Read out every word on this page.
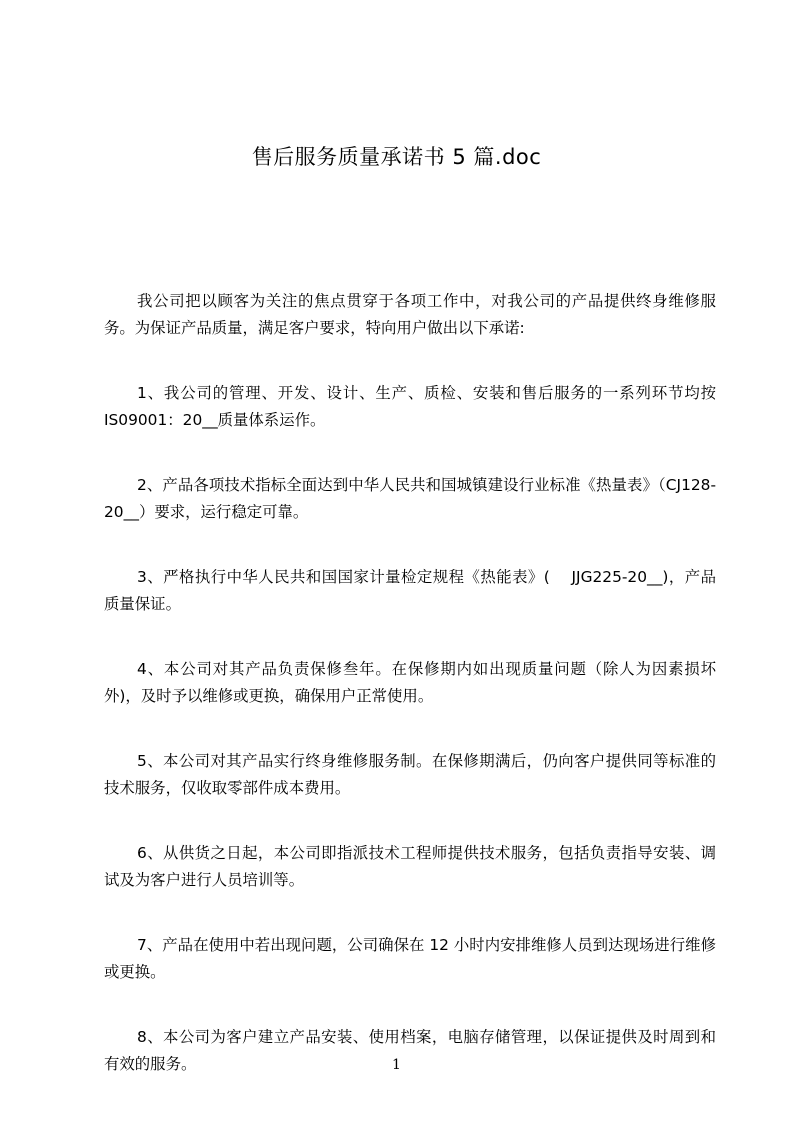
售后服务质量承诺书 5 篇.doc

我公司把以顾客为关注的焦点贯穿于各项工作中，对我公司的产品提供终身维修服务。为保证产品质量，满足客户要求，特向用户做出以下承诺:

1、我公司的管理、开发、设计、生产、质检、安装和售后服务的一系列环节均按 IS09001：20__质量体系运作。

2、产品各项技术指标全面达到中华人民共和国城镇建设行业标准《热量表》（CJ128-20__）要求，运行稳定可靠。

3、严格执行中华人民共和国国家计量检定规程《热能表》(　 JJG225-20__)，产品质量保证。

4、本公司对其产品负责保修叁年。在保修期内如出现质量问题（除人为因素损坏外)，及时予以维修或更换，确保用户正常使用。

5、本公司对其产品实行终身维修服务制。在保修期满后，仍向客户提供同等标准的技术服务，仅收取零部件成本费用。

6、从供货之日起，本公司即指派技术工程师提供技术服务，包括负责指导安装、调试及为客户进行人员培训等。

7、产品在使用中若出现问题，公司确保在 12 小时内安排维修人员到达现场进行维修或更换。

8、本公司为客户建立产品安装、使用档案，电脑存储管理，以保证提供及时周到和有效的服务。	1
